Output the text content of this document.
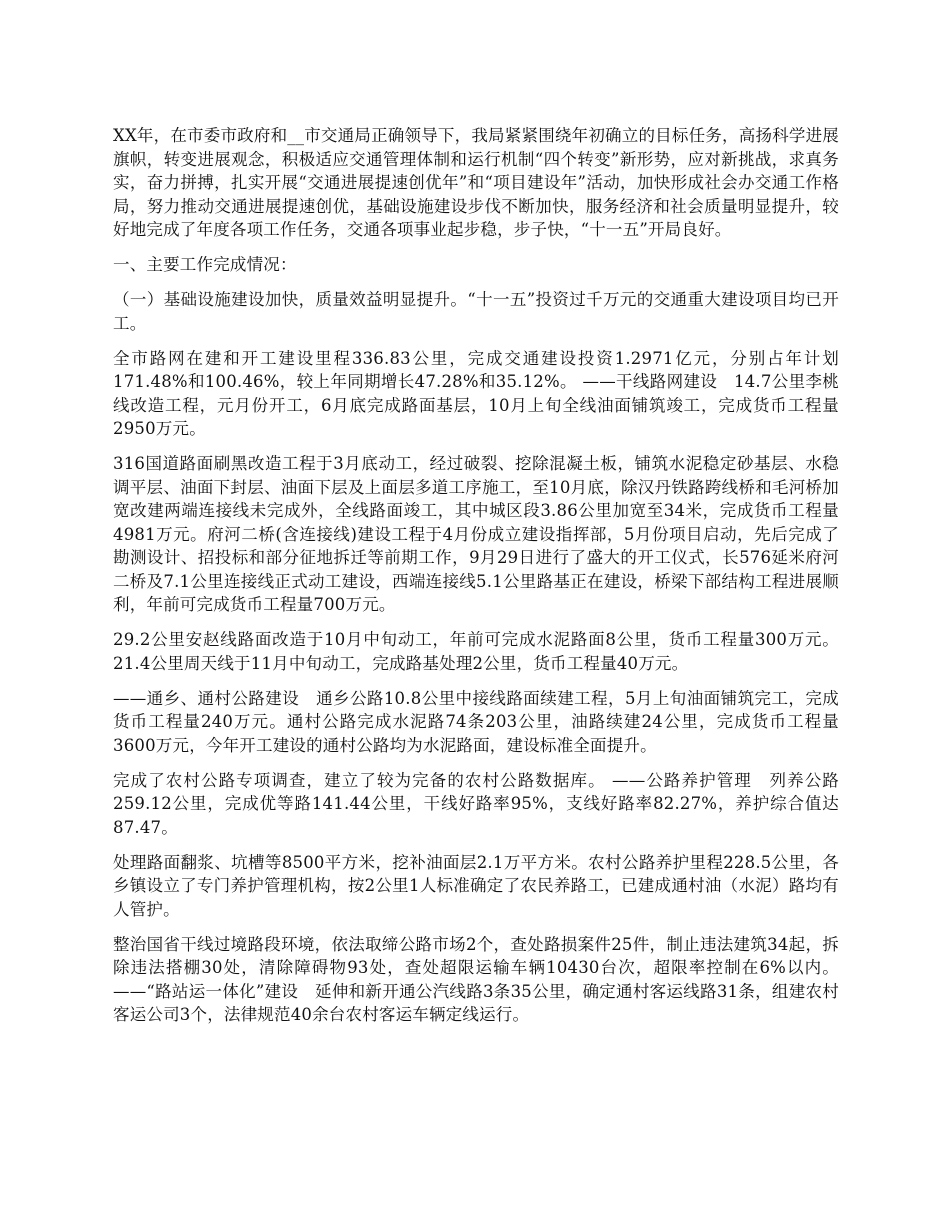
XX年，在市委市政府和__市交通局正确领导下，我局紧紧围绕年初确立的目标任务，高扬科学进展旗帜，转变进展观念，积极适应交通管理体制和运行机制“四个转变”新形势，应对新挑战，求真务实，奋力拼搏，扎实开展“交通进展提速创优年”和“项目建设年”活动，加快形成社会办交通工作格局，努力推动交通进展提速创优，基础设施建设步伐不断加快，服务经济和社会质量明显提升，较好地完成了年度各项工作任务，交通各项事业起步稳，步子快，“十一五”开局良好。

一、主要工作完成情况：

（一）基础设施建设加快，质量效益明显提升。“十一五”投资过千万元的交通重大建设项目均已开工。

全市路网在建和开工建设里程336.83公里，完成交通建设投资1.2971亿元，分别占年计划171.48%和100.46%，较上年同期增长47.28%和35.12%。 ——干线路网建设　14.7公里李桃线改造工程，元月份开工，6月底完成路面基层，10月上旬全线油面铺筑竣工，完成货币工程量2950万元。

316国道路面刷黑改造工程于3月底动工，经过破裂、挖除混凝土板，铺筑水泥稳定砂基层、水稳调平层、油面下封层、油面下层及上面层多道工序施工，至10月底，除汉丹铁路跨线桥和毛河桥加宽改建两端连接线未完成外，全线路面竣工，其中城区段3.86公里加宽至34米，完成货币工程量4981万元。府河二桥(含连接线)建设工程于4月份成立建设指挥部，5月份项目启动，先后完成了勘测设计、招投标和部分征地拆迁等前期工作，9月29日进行了盛大的开工仪式，长576延米府河二桥及7.1公里连接线正式动工建设，西端连接线5.1公里路基正在建设，桥梁下部结构工程进展顺利，年前可完成货币工程量700万元。

29.2公里安赵线路面改造于10月中旬动工，年前可完成水泥路面8公里，货币工程量300万元。21.4公里周天线于11月中旬动工，完成路基处理2公里，货币工程量40万元。

——通乡、通村公路建设　通乡公路10.8公里中接线路面续建工程，5月上旬油面铺筑完工，完成货币工程量240万元。通村公路完成水泥路74条203公里，油路续建24公里，完成货币工程量3600万元，今年开工建设的通村公路均为水泥路面，建设标准全面提升。

完成了农村公路专项调查，建立了较为完备的农村公路数据库。 ——公路养护管理　列养公路259.12公里，完成优等路141.44公里，干线好路率95%，支线好路率82.27%，养护综合值达87.47。

处理路面翻浆、坑槽等8500平方米，挖补油面层2.1万平方米。农村公路养护里程228.5公里，各乡镇设立了专门养护管理机构，按2公里1人标准确定了农民养路工，已建成通村油（水泥）路均有人管护。

整治国省干线过境路段环境，依法取缔公路市场2个，查处路损案件25件，制止违法建筑34起，拆除违法搭棚30处，清除障碍物93处，查处超限运输车辆10430台次，超限率控制在6%以内。 ——“路站运一体化”建设　延伸和新开通公汽线路3条35公里，确定通村客运线路31条，组建农村客运公司3个，法律规范40余台农村客运车辆定线运行。
